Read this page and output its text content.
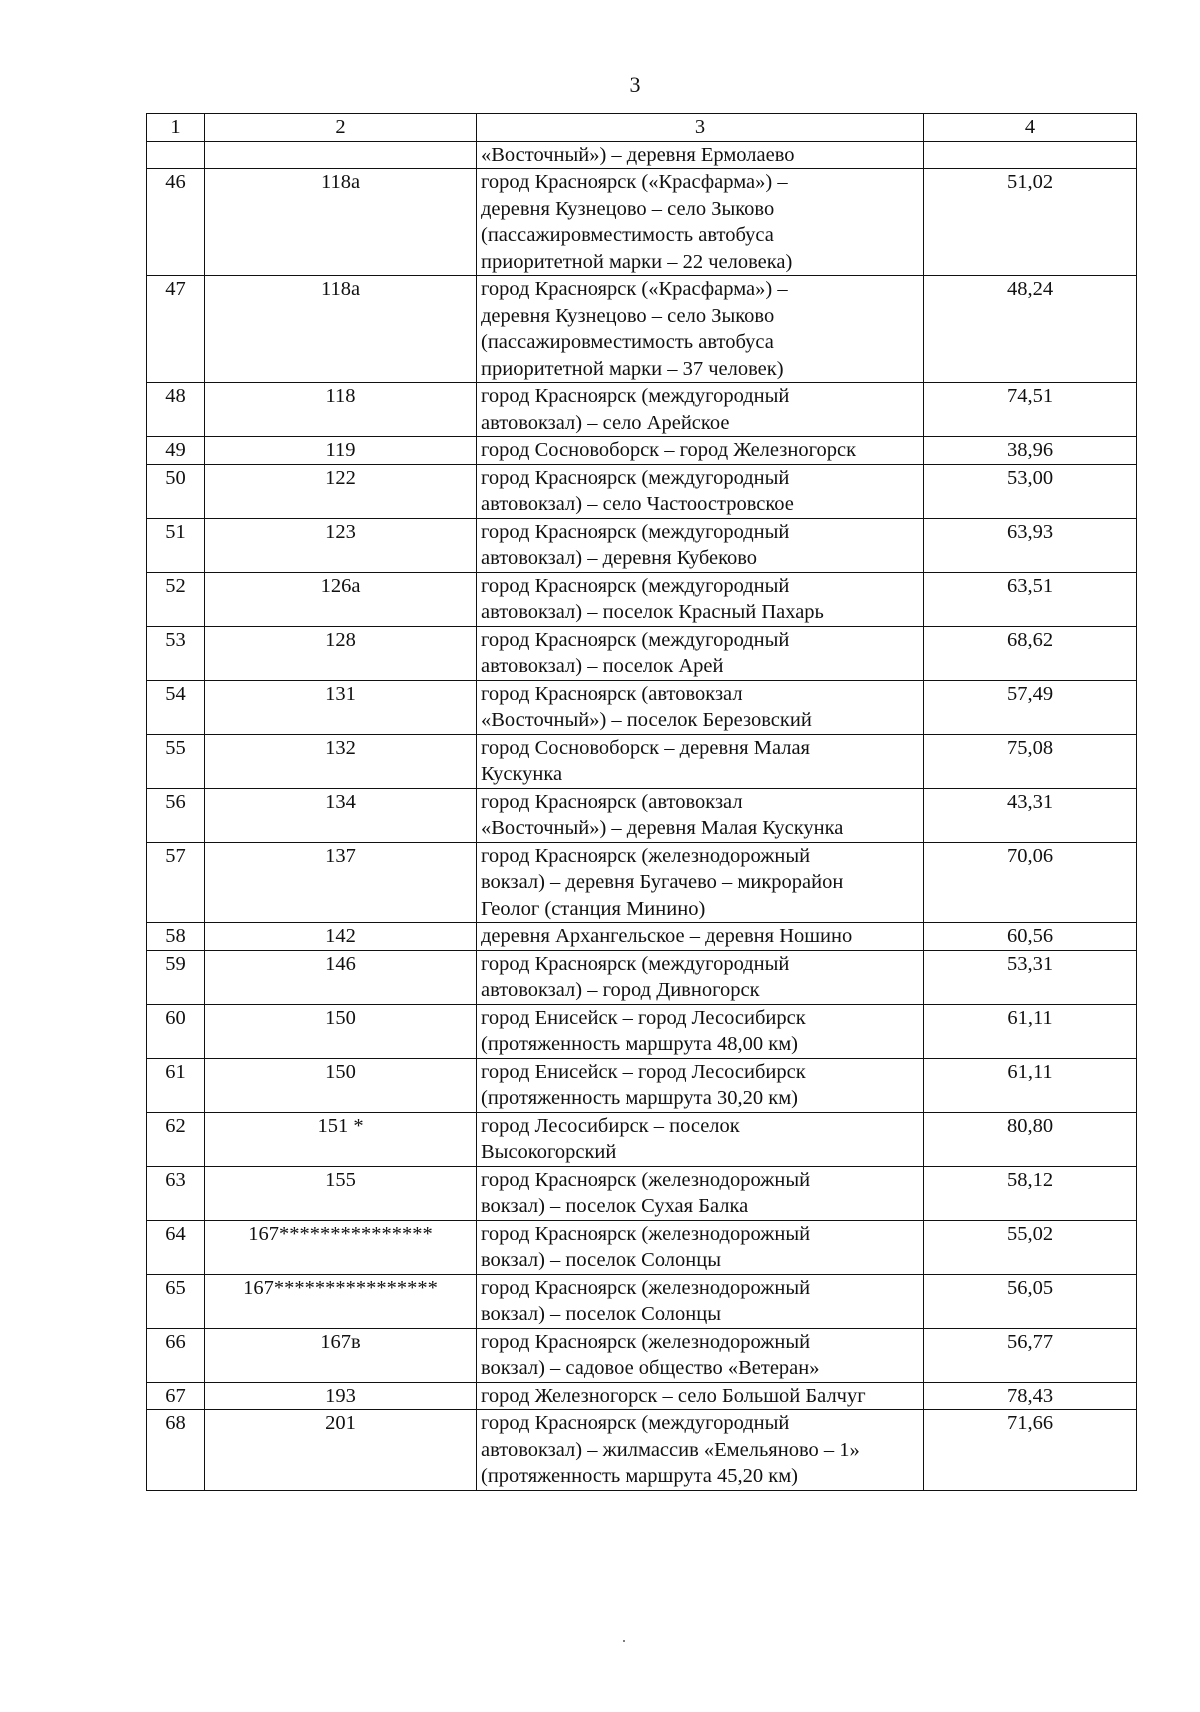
3
1	2	3	4
		«Восточный») – деревня Ермолаево	
46	118а	город Красноярск («Красфарма») –
деревня Кузнецово – село Зыково
(пассажировместимость автобуса
приоритетной марки – 22 человека)	51,02
47	118а	город Красноярск («Красфарма») –
деревня Кузнецово – село Зыково
(пассажировместимость автобуса
приоритетной марки – 37 человек)	48,24
48	118	город Красноярск (междугородный
автовокзал) – село Арейское	74,51
49	119	город Сосновоборск – город Железногорск	38,96
50	122	город Красноярск (междугородный
автовокзал) – село Частоостровское	53,00
51	123	город Красноярск (междугородный
автовокзал) – деревня Кубеково	63,93
52	126а	город Красноярск (междугородный
автовокзал) – поселок Красный Пахарь	63,51
53	128	город Красноярск (междугородный
автовокзал) – поселок Арей	68,62
54	131	город Красноярск (автовокзал
«Восточный») – поселок Березовский	57,49
55	132	город Сосновоборск – деревня Малая
Кускунка	75,08
56	134	город Красноярск (автовокзал
«Восточный») – деревня Малая Кускунка	43,31
57	137	город Красноярск (железнодорожный
вокзал) – деревня Бугачево – микрорайон
Геолог (станция Минино)	70,06
58	142	деревня Архангельское – деревня Ношино	60,56
59	146	город Красноярск (междугородный
автовокзал) – город Дивногорск	53,31
60	150	город Енисейск – город Лесосибирск
(протяженность маршрута 48,00 км)	61,11
61	150	город Енисейск – город Лесосибирск
(протяженность маршрута 30,20 км)	61,11
62	151 *	город Лесосибирск – поселок
Высокогорский	80,80
63	155	город Красноярск (железнодорожный
вокзал) – поселок Сухая Балка	58,12
64	167***************	город Красноярск (железнодорожный
вокзал) – поселок Солонцы	55,02
65	167****************	город Красноярск (железнодорожный
вокзал) – поселок Солонцы	56,05
66	167в	город Красноярск (железнодорожный
вокзал) – садовое общество «Ветеран»	56,77
67	193	город Железногорск – село Большой Балчуг	78,43
68	201	город Красноярск (междугородный
автовокзал) – жилмассив «Емельяново – 1»
(протяженность маршрута 45,20 км)	71,66
